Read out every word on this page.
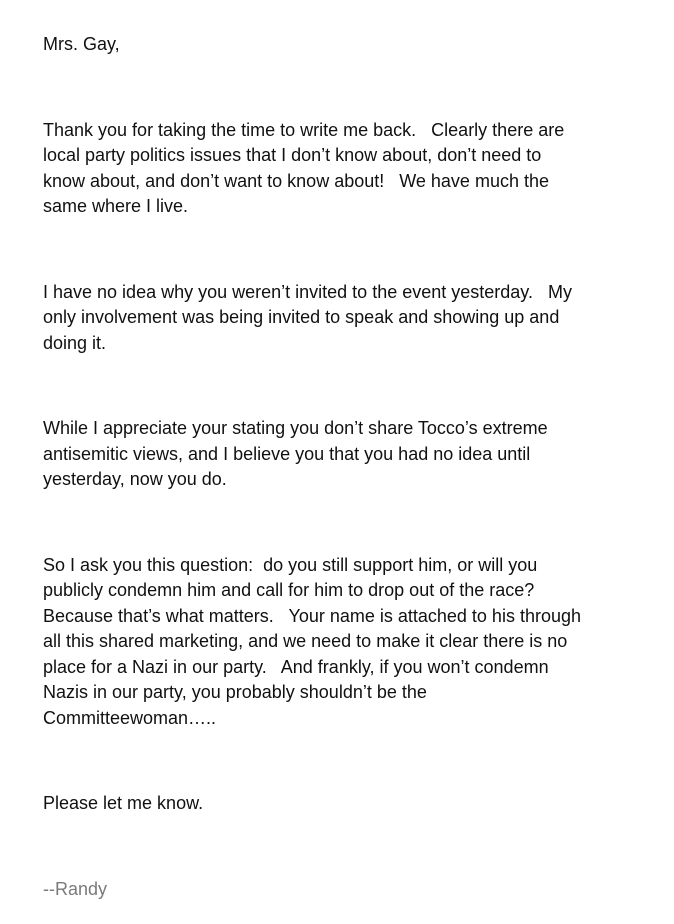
Mrs. Gay,

Thank you for taking the time to write me back.   Clearly there are
local party politics issues that I don’t know about, don’t need to
know about, and don’t want to know about!   We have much the
same where I live.
I have no idea why you weren’t invited to the event yesterday.   My
only involvement was being invited to speak and showing up and
doing it.
While I appreciate your stating you don’t share Tocco’s extreme
antisemitic views, and I believe you that you had no idea until
yesterday, now you do.
So I ask you this question:  do you still support him, or will you
publicly condemn him and call for him to drop out of the race?
Because that’s what matters.   Your name is attached to his through
all this shared marketing, and we need to make it clear there is no
place for a Nazi in our party.   And frankly, if you won’t condemn
Nazis in our party, you probably shouldn’t be the
Committeewoman…..
Please let me know.
--Randy
